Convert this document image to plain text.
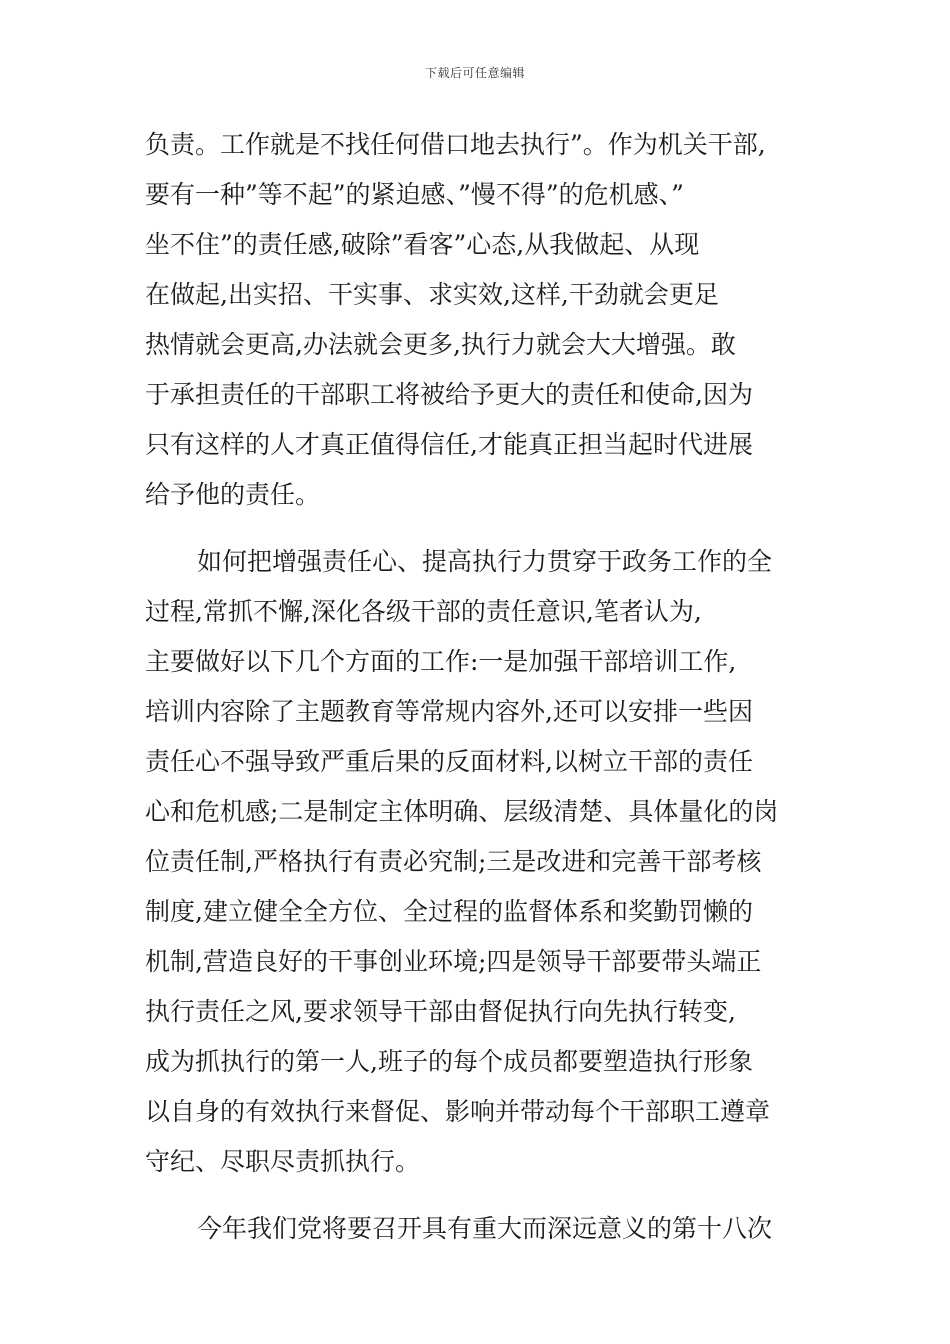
下载后可任意编辑
负责。工作就是不找任何借口地去执行”。作为机关干部,
要有一种”等不起”的紧迫感、”慢不得”的危机感、”
坐不住”的责任感,破除”看客”心态,从我做起、从现
在做起,出实招、干实事、求实效,这样,干劲就会更足
热情就会更高,办法就会更多,执行力就会大大增强。敢
于承担责任的干部职工将被给予更大的责任和使命,因为
只有这样的人才真正值得信任,才能真正担当起时代进展
给予他的责任。
如何把增强责任心、提高执行力贯穿于政务工作的全
过程,常抓不懈,深化各级干部的责任意识,笔者认为,
主要做好以下几个方面的工作:一是加强干部培训工作,
培训内容除了主题教育等常规内容外,还可以安排一些因
责任心不强导致严重后果的反面材料,以树立干部的责任
心和危机感;二是制定主体明确、层级清楚、具体量化的岗
位责任制,严格执行有责必究制;三是改进和完善干部考核
制度,建立健全全方位、全过程的监督体系和奖勤罚懒的
机制,营造良好的干事创业环境;四是领导干部要带头端正
执行责任之风,要求领导干部由督促执行向先执行转变,
成为抓执行的第一人,班子的每个成员都要塑造执行形象
以自身的有效执行来督促、影响并带动每个干部职工遵章
守纪、尽职尽责抓执行。
今年我们党将要召开具有重大而深远意义的第十八次
